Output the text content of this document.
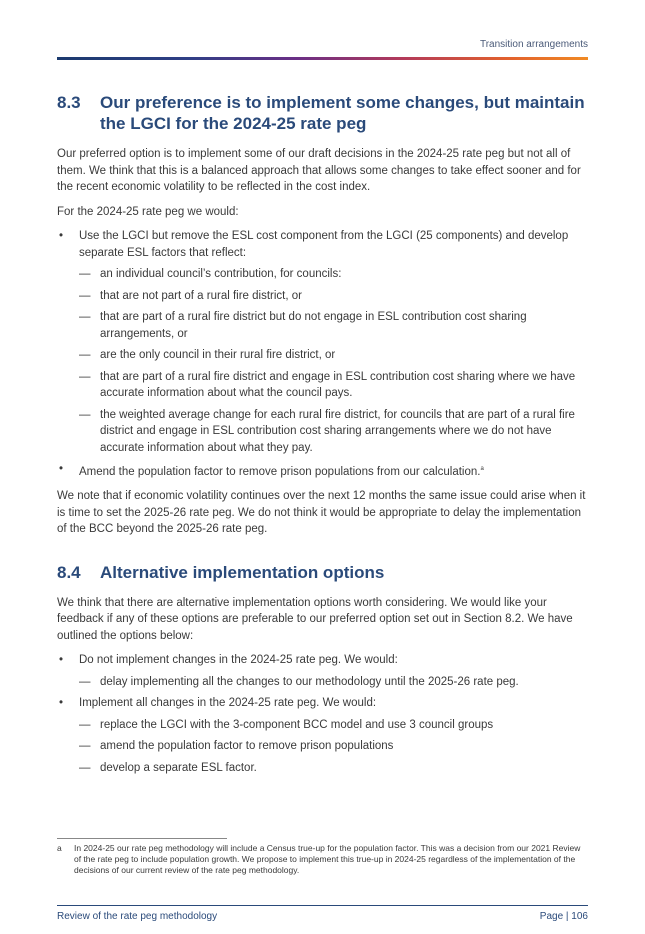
Transition arrangements
8.3	Our preference is to implement some changes, but maintain the LGCI for the 2024-25 rate peg

Our preferred option is to implement some of our draft decisions in the 2024-25 rate peg but not all of them. We think that this is a balanced approach that allows some changes to take effect sooner and for the recent economic volatility to be reflected in the cost index.

For the 2024-25 rate peg we would:

• Use the LGCI but remove the ESL cost component from the LGCI (25 components) and develop separate ESL factors that reflect:
— an individual council’s contribution, for councils:
— that are not part of a rural fire district, or
— that are part of a rural fire district but do not engage in ESL contribution cost sharing arrangements, or
— are the only council in their rural fire district, or
— that are part of a rural fire district and engage in ESL contribution cost sharing where we have accurate information about what the council pays.
— the weighted average change for each rural fire district, for councils that are part of a rural fire district and engage in ESL contribution cost sharing arrangements where we do not have accurate information about what they pay.
• Amend the population factor to remove prison populations from our calculation.$^a$

We note that if economic volatility continues over the next 12 months the same issue could arise when it is time to set the 2025-26 rate peg. We do not think it would be appropriate to delay the implementation of the BCC beyond the 2025-26 rate peg.

8.4	Alternative implementation options

We think that there are alternative implementation options worth considering. We would like your feedback if any of these options are preferable to our preferred option set out in Section 8.2. We have outlined the options below:

• Do not implement changes in the 2024-25 rate peg. We would:
— delay implementing all the changes to our methodology until the 2025-26 rate peg.
• Implement all changes in the 2024-25 rate peg. We would:
— replace the LGCI with the 3-component BCC model and use 3 council groups
— amend the population factor to remove prison populations
— develop a separate ESL factor.
a	In 2024-25 our rate peg methodology will include a Census true-up for the population factor. This was a decision from our 2021 Review of the rate peg to include population growth. We propose to implement this true-up in 2024-25 regardless of the implementation of the decisions of our current review of the rate peg methodology.
Review of the rate peg methodology	Page | 106
